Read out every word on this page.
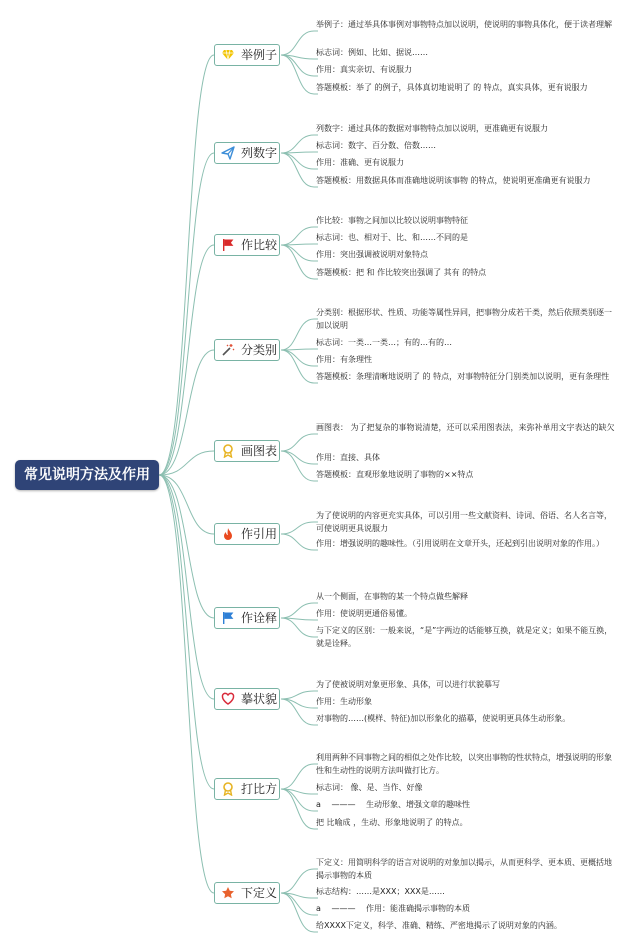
常见说明方法及作用
举例子
举例子：通过举具体事例对事物特点加以说明，使说明的事物具体化，便于读者理解
标志词：例如、比如、据说……
作用：真实亲切、有说服力
答题模板：举了 的例子，具体真切地说明了 的 特点，真实具体，更有说服力
列数字
列数字：通过具体的数据对事物特点加以说明，更准确更有说服力
标志词：数字、百分数、倍数……
作用：准确、更有说服力
答题模板：用数据具体而准确地说明该事物 的特点，使说明更准确更有说服力
作比较
作比较：事物之间加以比较以说明事物特征
标志词：也、相对于、比、和……不同的是
作用：突出强调被说明对象特点
答题模板：把 和 作比较突出强调了 其有 的特点
分类别
分类别：根据形状、性质、功能等属性异同，把事物分成若干类，然后依照类别逐一加以说明
标志词：一类…一类…；有的…有的…
作用：有条理性
答题模板：条理清晰地说明了 的 特点，对事物特征分门别类加以说明，更有条理性
画图表
画图表： 为了把复杂的事物说清楚，还可以采用图表法，来弥补单用文字表达的缺欠
作用：直接、具体
答题模板：直观形象地说明了事物的××特点
作引用
为了使说明的内容更充实具体，可以引用一些文献资料、诗词、俗语、名人名言等，可使说明更具说服力
作用：增强说明的趣味性。（引用说明在文章开头，还起到引出说明对象的作用。）
作诠释
从一个侧面，在事物的某一个特点做些解释
作用：使说明更通俗易懂。
与下定义的区别：一般来说，“是”字两边的话能够互换，就是定义；如果不能互换，就是诠释。
摹状貌
为了使被说明对象更形象、具体，可以进行状貌摹写
作用：生动形象
对事物的……(模样、特征)加以形象化的描摹，使说明更具体生动形象。
打比方
利用两种不同事物之间的相似之处作比较，以突出事物的性状特点，增强说明的形象性和生动性的说明方法叫做打比方。
标志词： 像、是、当作、好像
a　 ———　 生动形象、增强文章的趣味性
把 比喻成 ，生动、形象地说明了 的特点。
下定义
下定义：用简明科学的语言对说明的对象加以揭示，从而更科学、更本质、更概括地揭示事物的本质
标志结构：……是XXX；XXX是……
a　 ———　 作用：能准确揭示事物的本质
给XXXX下定义，科学、准确、精练、严密地揭示了说明对象的内涵。
